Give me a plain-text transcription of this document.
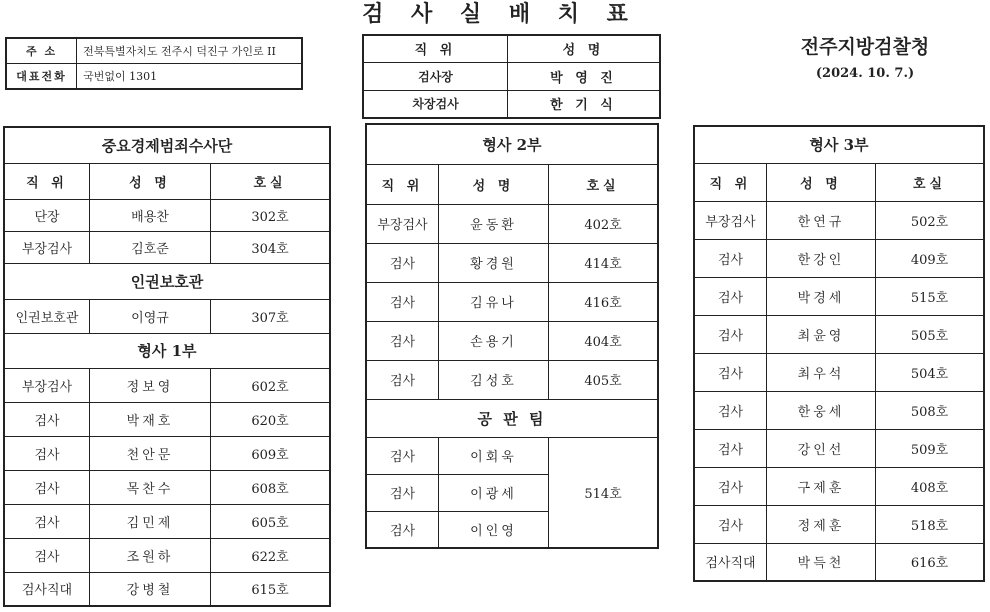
검 사 실 배 치 표
전주지방검찰청
(2024. 10. 7.)
주 소	전북특별자치도 전주시 덕진구 가인로 II
대표전화	국번없이 1301
직 위	성 명
검사장	박 영 진
차장검사	한 기 식
중요경제범죄수사단		
직 위	성 명	호실
단장	배용찬	302호
부장검사	김호준	304호
인권보호관		
인권보호관	이영규	307호
형사 1부		
부장검사	정보영	602호
검사	박재호	620호
검사	천안문	609호
검사	목찬수	608호
검사	김민제	605호
검사	조원하	622호
검사직대	강병철	615호
형사 2부		
직 위	성 명	호실
부장검사	윤동환	402호
검사	황경원	414호
검사	김유나	416호
검사	손용기	404호
검사	김성호	405호
공 판 팀		
검사	이회욱	514호
검사	이광세	
검사	이인영	
형사 3부		
직 위	성 명	호실
부장검사	한연규	502호
검사	한강인	409호
검사	박경세	515호
검사	최윤영	505호
검사	최우석	504호
검사	한웅세	508호
검사	강인선	509호
검사	구제훈	408호
검사	정제훈	518호
검사직대	박득천	616호
